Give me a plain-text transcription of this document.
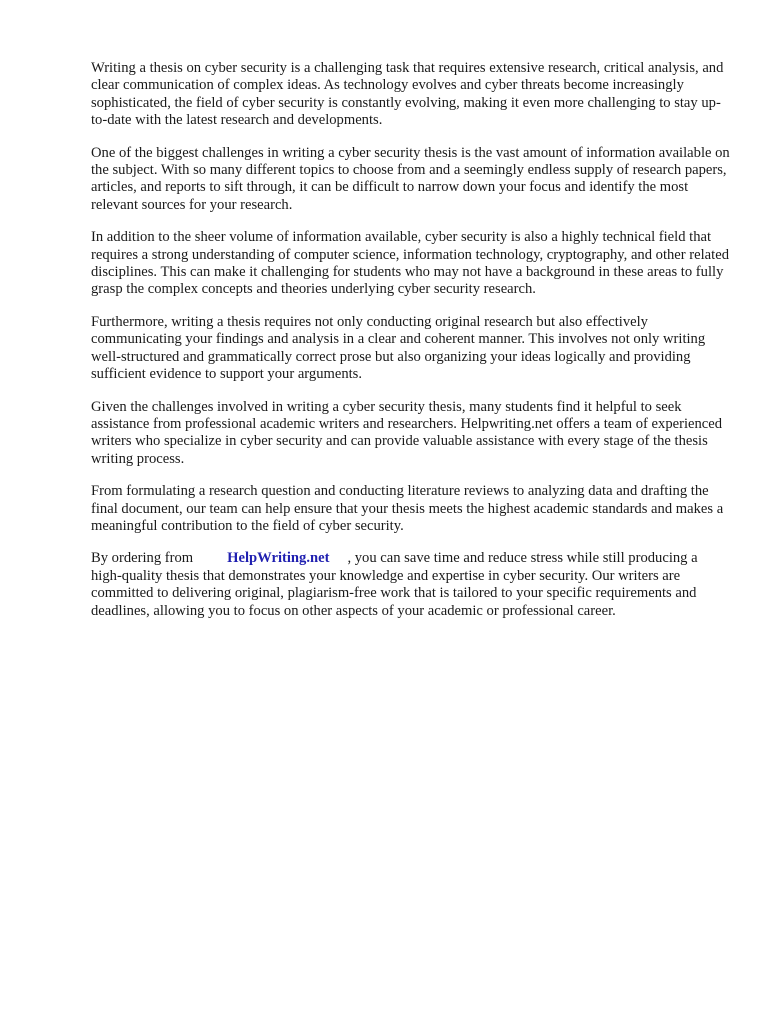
Writing a thesis on cyber security is a challenging task that requires extensive research, critical analysis, and clear communication of complex ideas. As technology evolves and cyber threats become increasingly sophisticated, the field of cyber security is constantly evolving, making it even more challenging to stay up-to-date with the latest research and developments.

One of the biggest challenges in writing a cyber security thesis is the vast amount of information available on the subject. With so many different topics to choose from and a seemingly endless supply of research papers, articles, and reports to sift through, it can be difficult to narrow down your focus and identify the most relevant sources for your research.

In addition to the sheer volume of information available, cyber security is also a highly technical field that requires a strong understanding of computer science, information technology, cryptography, and other related disciplines. This can make it challenging for students who may not have a background in these areas to fully grasp the complex concepts and theories underlying cyber security research.

Furthermore, writing a thesis requires not only conducting original research but also effectively communicating your findings and analysis in a clear and coherent manner. This involves not only writing well-structured and grammatically correct prose but also organizing your ideas logically and providing sufficient evidence to support your arguments.

Given the challenges involved in writing a cyber security thesis, many students find it helpful to seek assistance from professional academic writers and researchers. Helpwriting.net offers a team of experienced writers who specialize in cyber security and can provide valuable assistance with every stage of the thesis writing process.

From formulating a research question and conducting literature reviews to analyzing data and drafting the final document, our team can help ensure that your thesis meets the highest academic standards and makes a meaningful contribution to the field of cyber security.

By ordering from HelpWriting.net , you can save time and reduce stress while still producing a high-quality thesis that demonstrates your knowledge and expertise in cyber security. Our writers are committed to delivering original, plagiarism-free work that is tailored to your specific requirements and deadlines, allowing you to focus on other aspects of your academic or professional career.
